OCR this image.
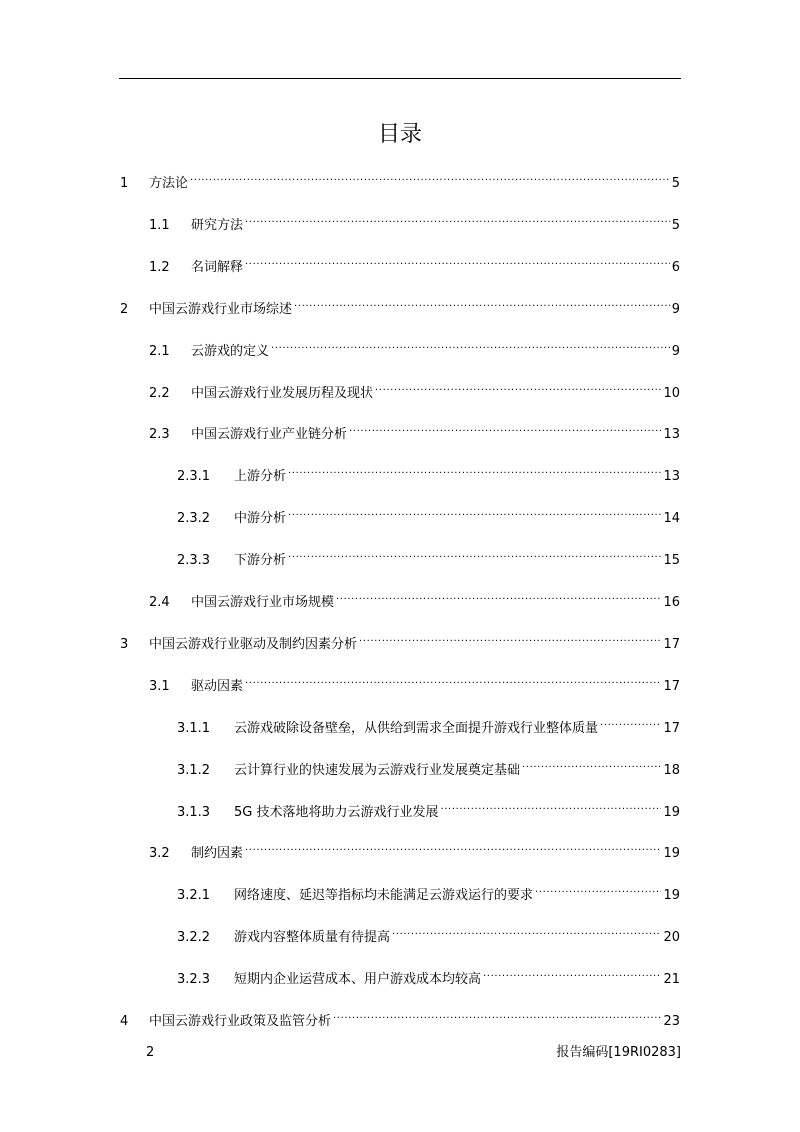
目录
1	方法论 .....	5
1.1	研究方法 .....	5
1.2	名词解释 .....	6
2	中国云游戏行业市场综述 .....	9
2.1	云游戏的定义 .....	9
2.2	中国云游戏行业发展历程及现状 .....	10
2.3	中国云游戏行业产业链分析 .....	13
2.3.1	上游分析 .....	13
2.3.2	中游分析 .....	14
2.3.3	下游分析 .....	15
2.4	中国云游戏行业市场规模 .....	16
3	中国云游戏行业驱动及制约因素分析 .....	17
3.1	驱动因素 .....	17
3.1.1	云游戏破除设备壁垒，从供给到需求全面提升游戏行业整体质量 .....	17
3.1.2	云计算行业的快速发展为云游戏行业发展奠定基础 .....	18
3.1.3	5G 技术落地将助力云游戏行业发展 .....	19
3.2	制约因素 .....	19
3.2.1	网络速度、延迟等指标均未能满足云游戏运行的要求 .....	19
3.2.2	游戏内容整体质量有待提高 .....	20
3.2.3	短期内企业运营成本、用户游戏成本均较高 .....	21
4	中国云游戏行业政策及监管分析 .....	23
2	报告编码[19RI0283]
